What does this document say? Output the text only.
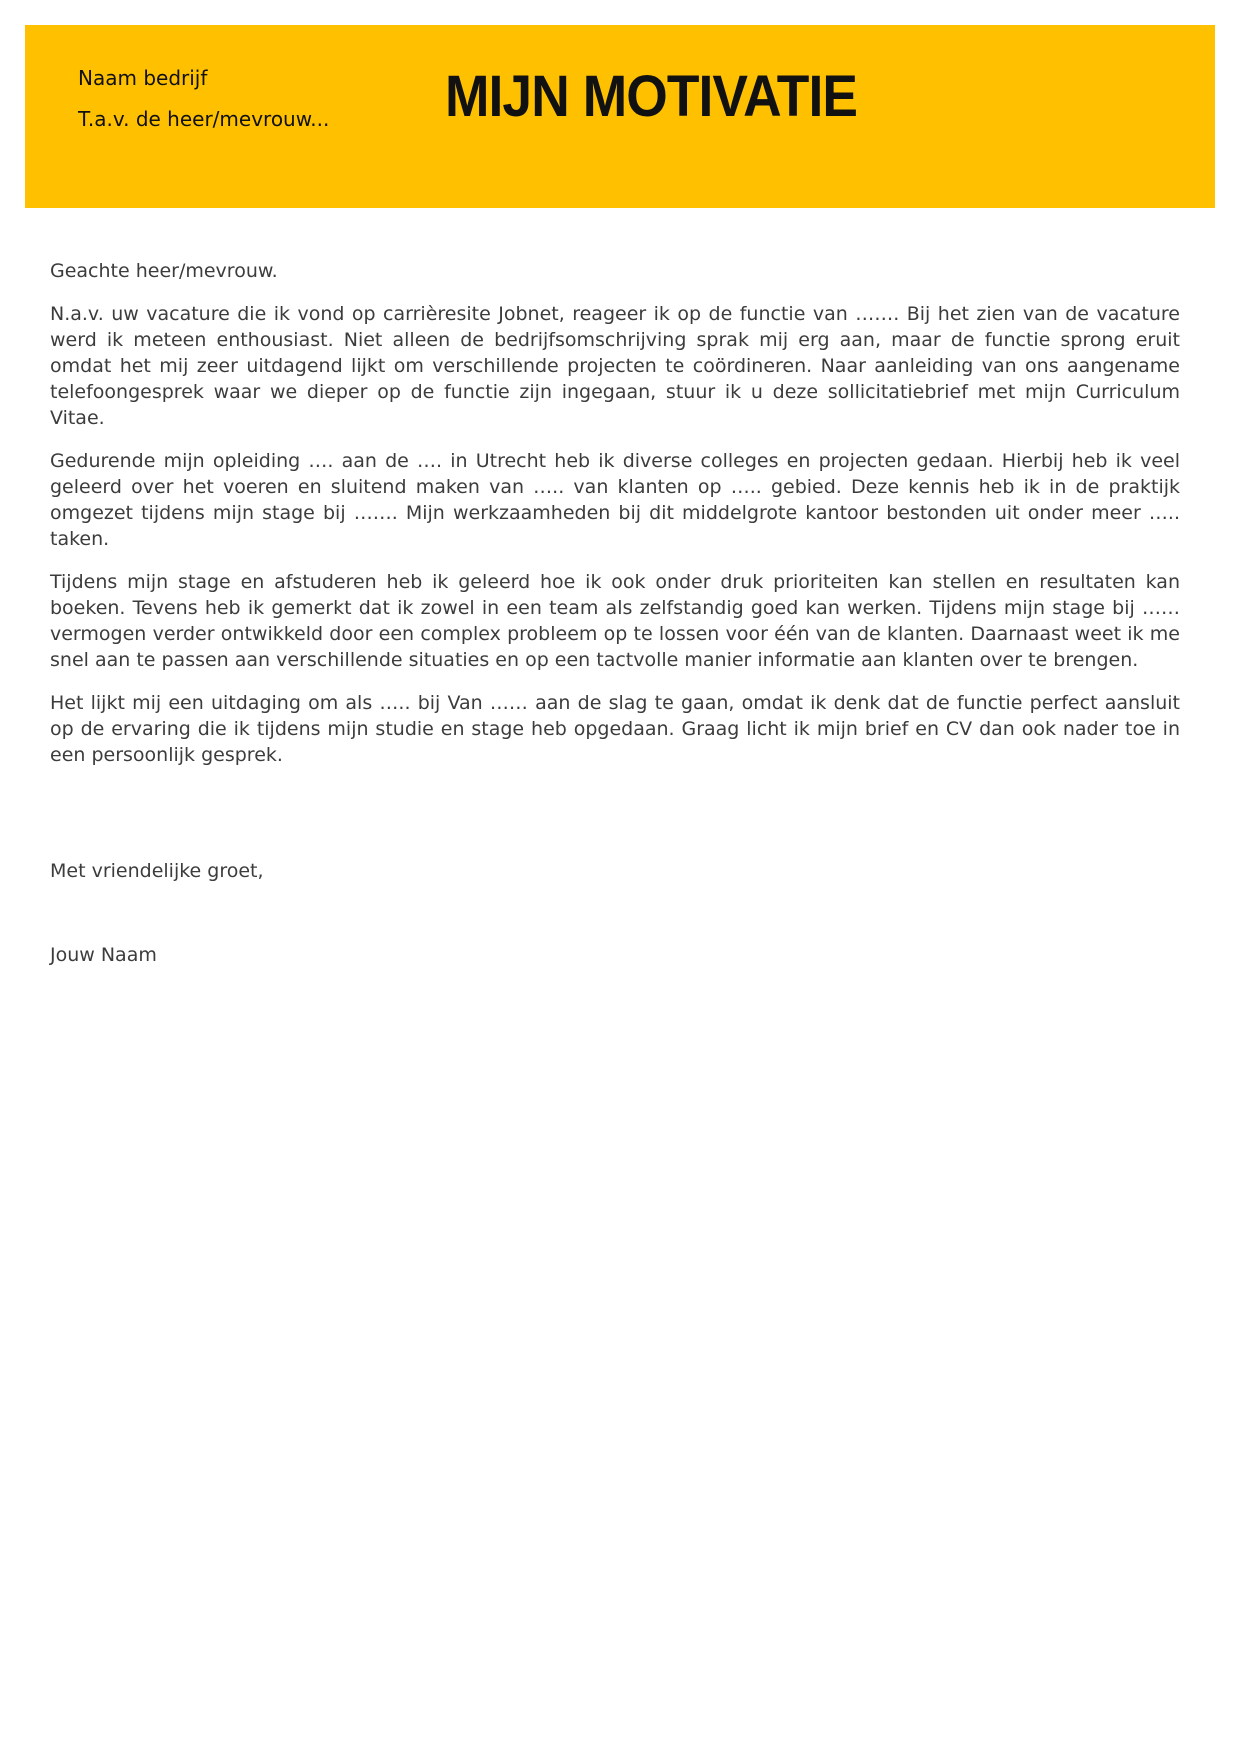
Naam bedrijf
T.a.v. de heer/mevrouw... MIJN MOTIVATIE

Geachte heer/mevrouw.

N.a.v. uw vacature die ik vond op carrièresite Jobnet, reageer ik op de functie van ……. Bij het zien van de vacature werd ik meteen enthousiast. Niet alleen de bedrijfsomschrijving sprak mij erg aan, maar de functie sprong eruit omdat het mij zeer uitdagend lijkt om verschillende projecten te coördineren. Naar aanleiding van ons aangename telefoongesprek waar we dieper op de functie zijn ingegaan, stuur ik u deze sollicitatiebrief met mijn Curriculum Vitae.

Gedurende mijn opleiding …. aan de …. in Utrecht heb ik diverse colleges en projecten gedaan. Hierbij heb ik veel geleerd over het voeren en sluitend maken van ….. van klanten op ….. gebied. Deze kennis heb ik in de praktijk omgezet tijdens mijn stage bij ……. Mijn werkzaamheden bij dit middelgrote kantoor bestonden uit onder meer ….. taken.

Tijdens mijn stage en afstuderen heb ik geleerd hoe ik ook onder druk prioriteiten kan stellen en resultaten kan boeken. Tevens heb ik gemerkt dat ik zowel in een team als zelfstandig goed kan werken. Tijdens mijn stage bij …… vermogen verder ontwikkeld door een complex probleem op te lossen voor één van de klanten. Daarnaast weet ik me snel aan te passen aan verschillende situaties en op een tactvolle manier informatie aan klanten over te brengen.

Het lijkt mij een uitdaging om als ….. bij Van …… aan de slag te gaan, omdat ik denk dat de functie perfect aansluit op de ervaring die ik tijdens mijn studie en stage heb opgedaan. Graag licht ik mijn brief en CV dan ook nader toe in een persoonlijk gesprek.

Met vriendelijke groet,
Jouw Naam
